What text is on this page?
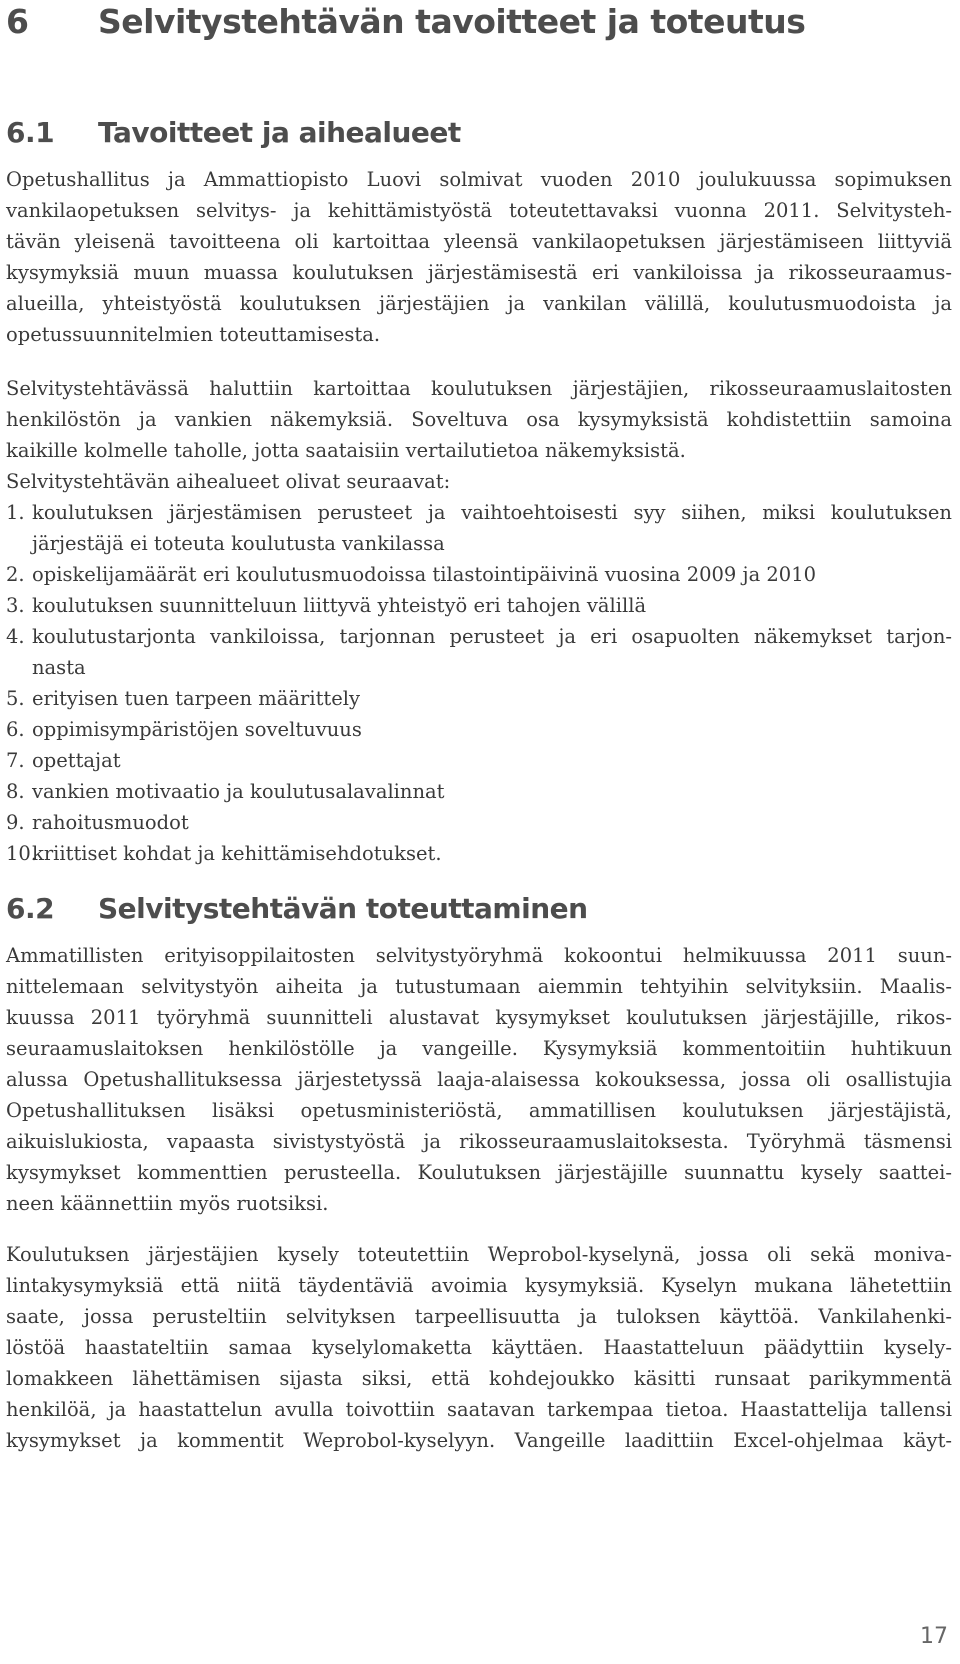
6 Selvitystehtävän tavoitteet ja toteutus
6.1 Tavoitteet ja aihealueet
Opetushallitus ja Ammattiopisto Luovi solmivat vuoden 2010 joulukuussa sopimuksen
vankilaopetuksen selvitys- ja kehittämistyöstä toteutettavaksi vuonna 2011. Selvitysteh-
tävän yleisenä tavoitteena oli kartoittaa yleensä vankilaopetuksen järjestämiseen liittyviä
kysymyksiä muun muassa koulutuksen järjestämisestä eri vankiloissa ja rikosseuraamus-
alueilla, yhteistyöstä koulutuksen järjestäjien ja vankilan välillä, koulutusmuodoista ja
opetussuunnitelmien toteuttamisesta.
Selvitystehtävässä haluttiin kartoittaa koulutuksen järjestäjien, rikosseuraamuslaitosten
henkilöstön ja vankien näkemyksiä. Soveltuva osa kysymyksistä kohdistettiin samoina
kaikille kolmelle taholle, jotta saataisiin vertailutietoa näkemyksistä.
Selvitystehtävän aihealueet olivat seuraavat:
1. koulutuksen järjestämisen perusteet ja vaihtoehtoisesti syy siihen, miksi koulutuksen
järjestäjä ei toteuta koulutusta vankilassa
2. opiskelijamäärät eri koulutusmuodoissa tilastointipäivinä vuosina 2009 ja 2010
3. koulutuksen suunnitteluun liittyvä yhteistyö eri tahojen välillä
4. koulutustarjonta vankiloissa, tarjonnan perusteet ja eri osapuolten näkemykset tarjon-
nasta
5. erityisen tuen tarpeen määrittely
6. oppimisympäristöjen soveltuvuus
7. opettajat
8. vankien motivaatio ja koulutusalavalinnat
9. rahoitusmuodot
10.
kriittiset kohdat ja kehittämisehdotukset.
6.2 Selvitystehtävän toteuttaminen
Ammatillisten erityisoppilaitosten selvitystyöryhmä kokoontui helmikuussa 2011 suun-
nittelemaan selvitystyön aiheita ja tutustumaan aiemmin tehtyihin selvityksiin. Maalis-
kuussa 2011 työryhmä suunnitteli alustavat kysymykset koulutuksen järjestäjille, rikos-
seuraamuslaitoksen henkilöstölle ja vangeille. Kysymyksiä kommentoitiin huhtikuun
alussa Opetushallituksessa järjestetyssä laaja-alaisessa kokouksessa, jossa oli osallistujia
Opetushallituksen lisäksi opetusministeriöstä, ammatillisen koulutuksen järjestäjistä,
aikuislukiosta, vapaasta sivistystyöstä ja rikosseuraamuslaitoksesta. Työryhmä täsmensi
kysymykset kommenttien perusteella. Koulutuksen järjestäjille suunnattu kysely saattei-
neen käännettiin myös ruotsiksi.
Koulutuksen järjestäjien kysely toteutettiin Weprobol-kyselynä, jossa oli sekä moniva-
lintakysymyksiä että niitä täydentäviä avoimia kysymyksiä. Kyselyn mukana lähetettiin
saate, jossa perusteltiin selvityksen tarpeellisuutta ja tuloksen käyttöä. Vankilahenki-
löstöä haastateltiin samaa kyselylomaketta käyttäen. Haastatteluun päädyttiin kysely-
lomakkeen lähettämisen sijasta siksi, että kohdejoukko käsitti runsaat parikymmentä
henkilöä, ja haastattelun avulla toivottiin saatavan tarkempaa tietoa. Haastattelija tallensi
kysymykset ja kommentit Weprobol-kyselyyn. Vangeille laadittiin Excel-ohjelmaa käyt-
17
